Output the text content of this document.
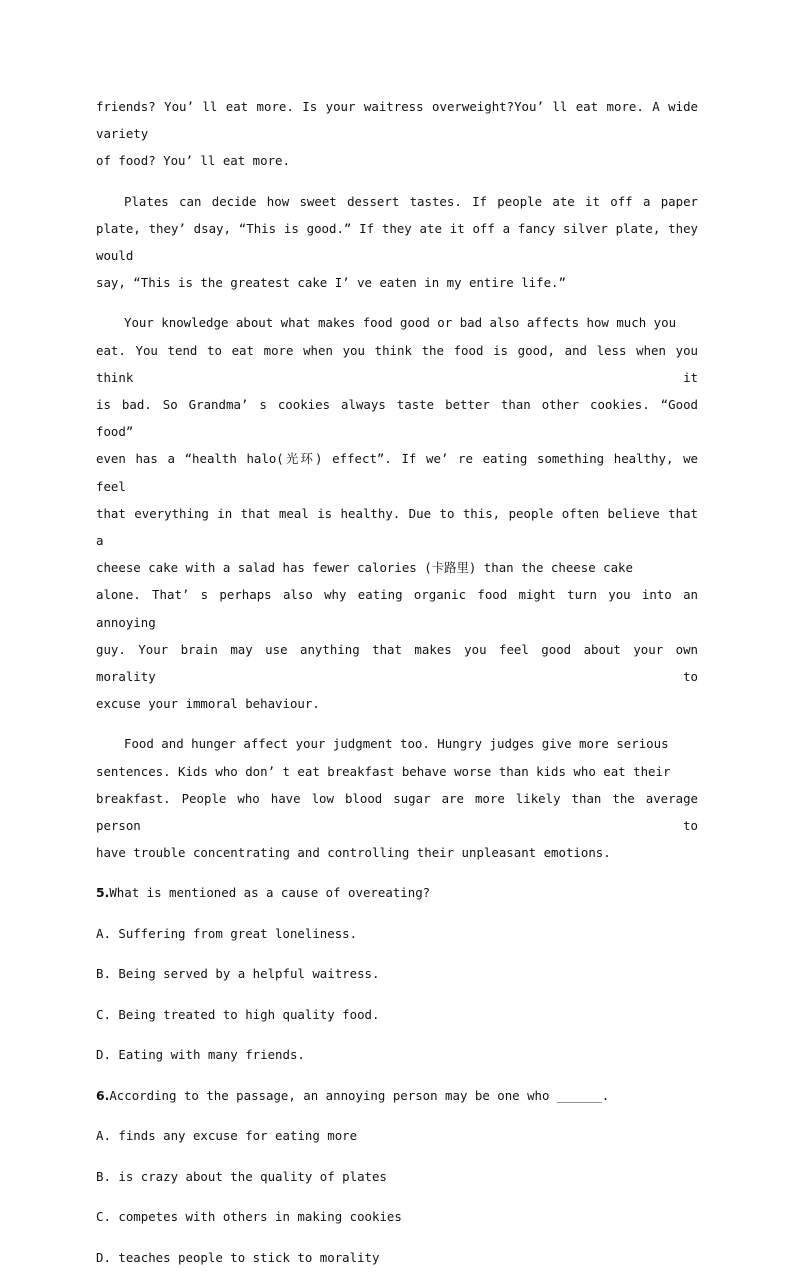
friends? You’ ll eat more. Is your waitress overweight?You’ ll eat more. A wide variety
of food? You’ ll eat more.
Plates can decide how sweet dessert tastes. If people ate it off a paper
plate, they’ dsay, “This is good.” If they ate it off a fancy silver plate, they would
say, “This is the greatest cake I’ ve eaten in my entire life.”
Your knowledge about what makes food good or bad also affects how much you
eat. You tend to eat more when you think the food is good, and less when you think it
is bad. So Grandma’ s cookies always taste better than other cookies. “Good food”
even has a “health halo(光环) effect”. If we’ re eating something healthy, we feel
that everything in that meal is healthy. Due to this, people often believe that a
cheese cake with a salad has fewer calories (卡路里) than the cheese cake
alone. That’ s perhaps also why eating organic food might turn you into an annoying
guy. Your brain may use anything that makes you feel good about your own morality to
excuse your immoral behaviour.
Food and hunger affect your judgment too. Hungry judges give more serious
sentences. Kids who don’ t eat breakfast behave worse than kids who eat their
breakfast. People who have low blood sugar are more likely than the average person to
have trouble concentrating and controlling their unpleasant emotions.
5.What is mentioned as a cause of overeating?
A. Suffering from great loneliness.
B. Being served by a helpful waitress.
C. Being treated to high quality food.
D. Eating with many friends.
6.According to the passage, an annoying person may be one who ______.
A. finds any excuse for eating more
B. is crazy about the quality of plates
C. competes with others in making cookies
D. teaches people to stick to morality
